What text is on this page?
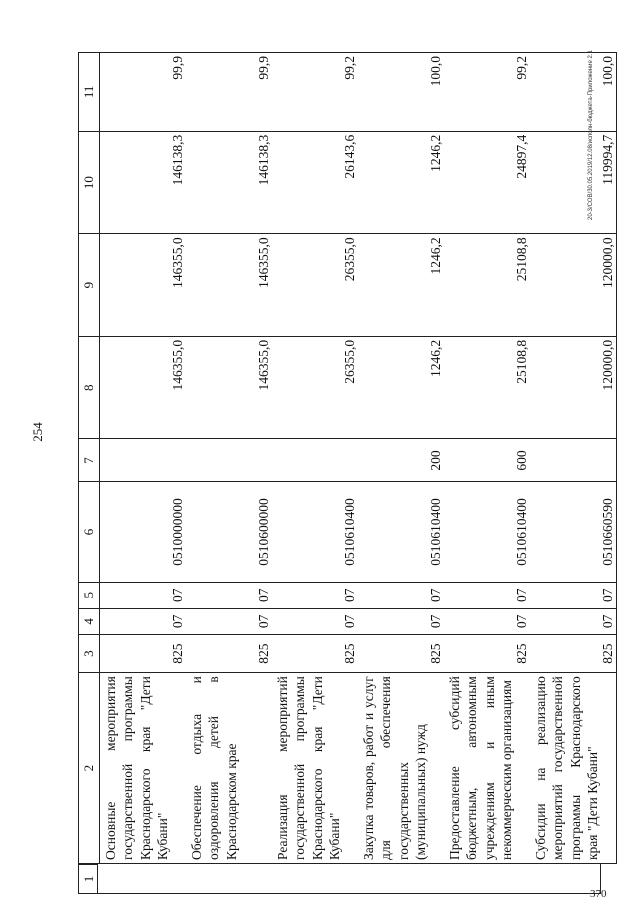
254
2	3	4	5	6	7	8	9	10	11
Основные мероприятия государственной программы Краснодарского края "Дети Кубани"	825	07	07	0510000000		146355,0	146355,0	146138,3	99,9
Обеспечение отдыха и оздоровления детей в Краснодарском крае	825	07	07	0510600000		146355,0	146355,0	146138,3	99,9
Реализация мероприятий государственной программы Краснодарского края "Дети Кубани"	825	07	07	0510610400		26355,0	26355,0	26143,6	99,2
Закупка товаров, работ и услуг для обеспечения государственных (муниципальных) нужд	825	07	07	0510610400	200	1246,2	1246,2	1246,2	100,0
Предоставление субсидий бюджетным, автономным учреждениям и иным некоммерческим организациям	825	07	07	0510610400	600	25108,8	25108,8	24897,4	99,2
Субсидии на реализацию мероприятий государственной программы Краснодарского края "Дети Кубани"	825	07	07	0510660590		120000,0	120000,0	119994,7	100,0
1
20-3/СОВ/30.05.2019/12.08/исполн-бюджета-Приложение 2.1
370
